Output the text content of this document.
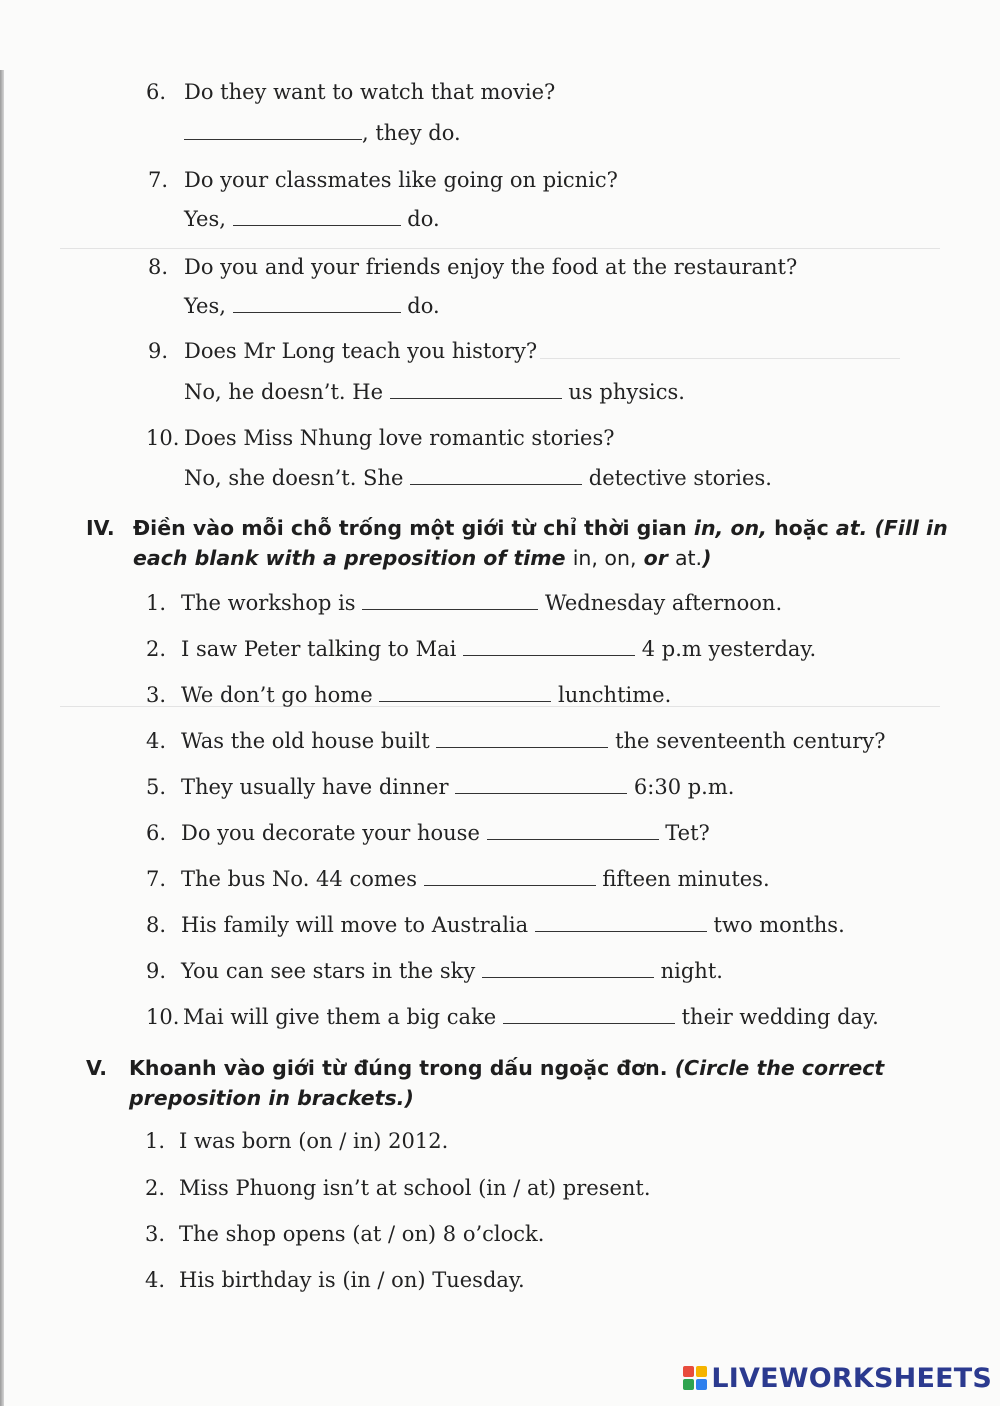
6. Do they want to watch that movie?
, they do.
7. Do your classmates like going on picnic?
Yes,	do.
8. Do you and your friends enjoy the food at the restaurant?
Yes,	do.
9. Does Mr Long teach you history?
No, he doesn’t. He	us physics.
10. Does Miss Nhung love romantic stories?
No, she doesn’t. She	detective stories.
IV. Điền vào mỗi chỗ trống một giới từ chỉ thời gian in, on, hoặc at. (Fill in
each blank with a preposition of time in, on, or at.)
1. The workshop is	Wednesday afternoon.
2. I saw Peter talking to Mai	4 p.m yesterday.
3. We don’t go home	lunchtime.
4. Was the old house built	the seventeenth century?
5. They usually have dinner	6:30 p.m.
6. Do you decorate your house	Tet?
7. The bus No. 44 comes	fifteen minutes.
8. His family will move to Australia	two months.
9. You can see stars in the sky	night.
10. Mai will give them a big cake	their wedding day.
V. Khoanh vào giới từ đúng trong dấu ngoặc đơn. (Circle the correct
preposition in brackets.)
1. I was born (on / in) 2012.
2. Miss Phuong isn’t at school (in / at) present.
3. The shop opens (at / on) 8 o’clock.
4. His birthday is (in / on) Tuesday.
LIVEWORKSHEETS
